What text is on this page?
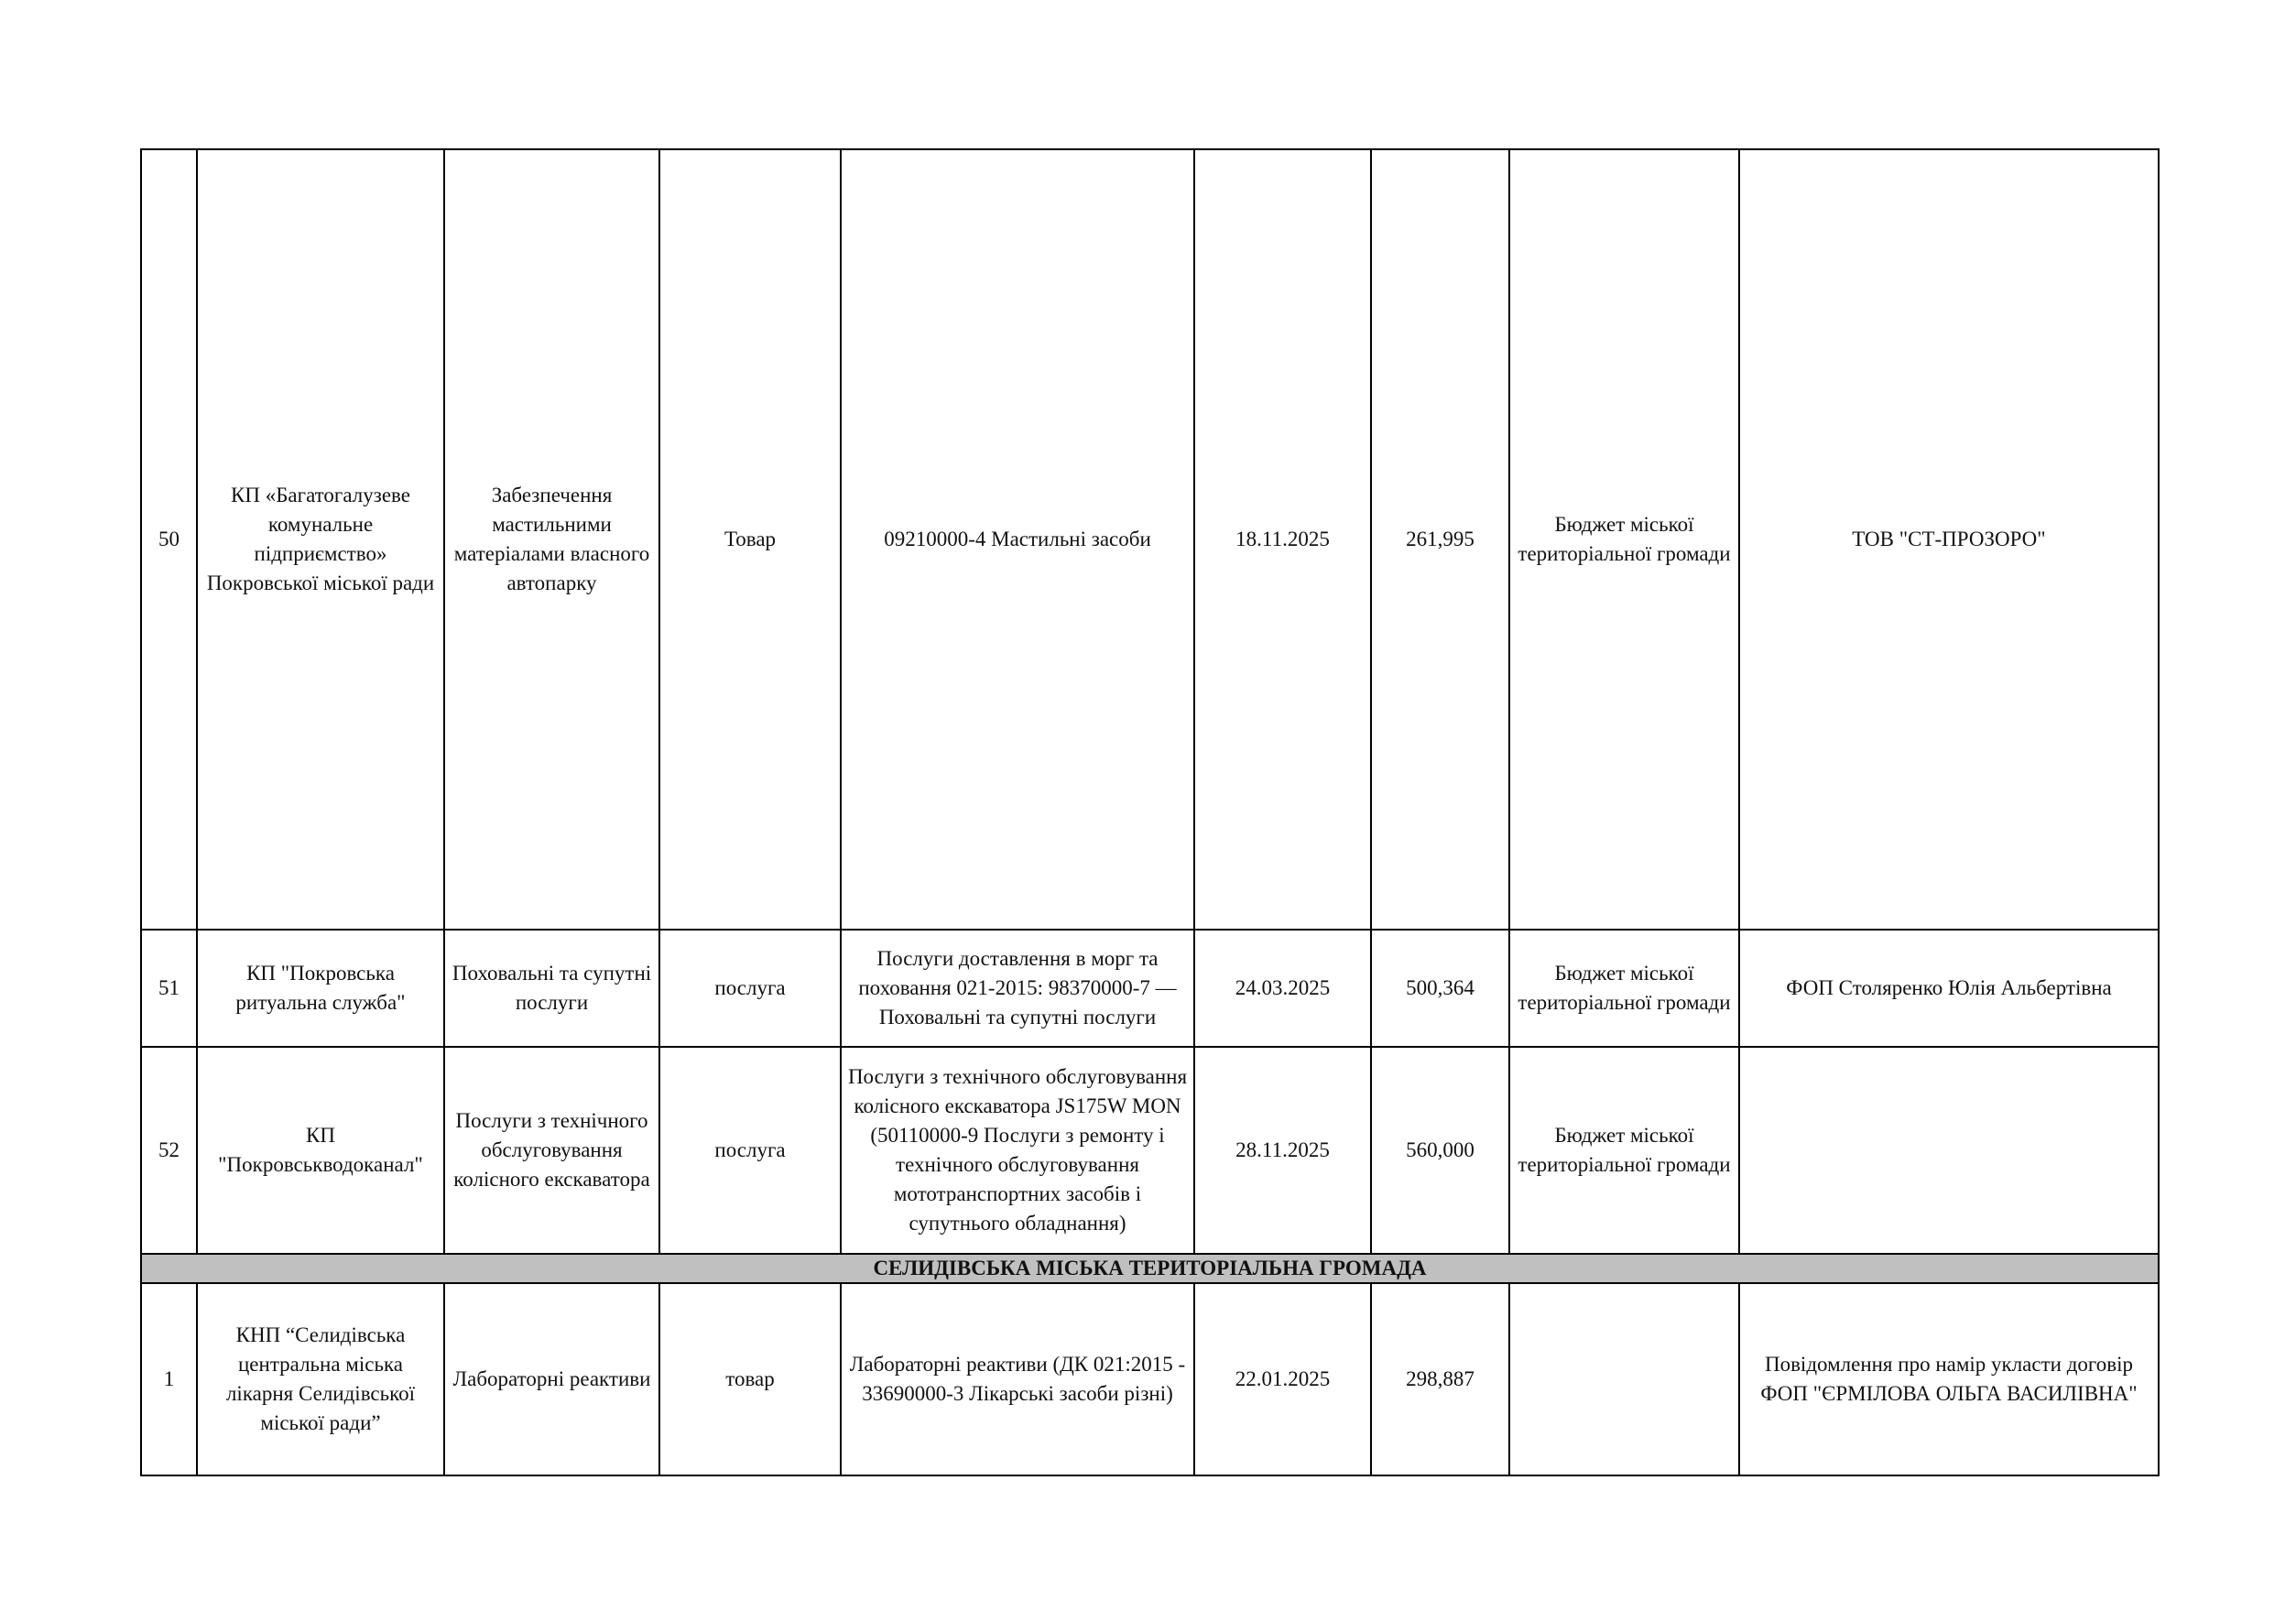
50	КП «Багатогалузеве комунальне підприємство» Покровської міської ради	Забезпечення мастильними матеріалами власного автопарку	Товар	09210000-4 Мастильні засоби	18.11.2025	261,995	Бюджет міської територіальної громади	ТОВ "СТ-ПРОЗОРО"
51	КП "Покровська ритуальна служба"	Поховальні та супутні послуги	послуга	Послуги доставлення в морг та поховання 021-2015: 98370000-7 — Поховальні та супутні послуги	24.03.2025	500,364	Бюджет міської територіальної громади	ФОП Столяренко Юлія Альбертівна
52	КП "Покровськводоканал"	Послуги з технічного обслуговування колісного екскаватора	послуга	Послуги з технічного обслуговування колісного екскаватора JS175W MON (50110000-9 Послуги з ремонту і технічного обслуговування мототранспортних засобів і супутнього обладнання)	28.11.2025	560,000	Бюджет міської територіальної громади	
СЕЛИДІВСЬКА МІСЬКА ТЕРИТОРІАЛЬНА ГРОМАДА								
1	КНП “Селидівська центральна міська лікарня Селидівської міської ради”	Лабораторні реактиви	товар	Лабораторні реактиви (ДК 021:2015 - 33690000-3 Лікарські засоби різні)	22.01.2025	298,887		Повідомлення про намір укласти договір ФОП "ЄРМІЛОВА ОЛЬГА ВАСИЛІВНА"
